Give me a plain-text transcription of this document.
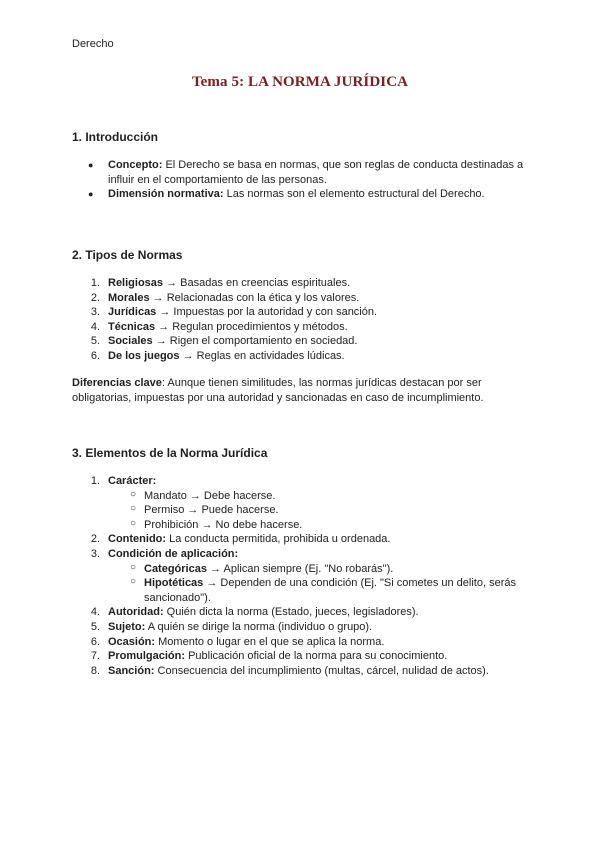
Derecho
Tema 5: LA NORMA JURÍDICA
1. Introducción
●	Concepto: El Derecho se basa en normas, que son reglas de conducta destinadas a influir en el comportamiento de las personas.
●	Dimensión normativa: Las normas son el elemento estructural del Derecho.
2. Tipos de Normas
1. Religiosas → Basadas en creencias espirituales.
2. Morales → Relacionadas con la ética y los valores.
3. Jurídicas → Impuestas por la autoridad y con sanción.
4. Técnicas → Regulan procedimientos y métodos.
5. Sociales → Rigen el comportamiento en sociedad.
6. De los juegos → Reglas en actividades lúdicas.

Diferencias clave: Aunque tienen similitudes, las normas jurídicas destacan por ser obligatorias, impuestas por una autoridad y sancionadas en caso de incumplimiento.

3. Elementos de la Norma Jurídica
1. Carácter:
○ Mandato → Debe hacerse.
○ Permiso → Puede hacerse.
○ Prohibición → No debe hacerse.
2. Contenido: La conducta permitida, prohibida u ordenada.
3. Condición de aplicación:
○ Categóricas → Aplican siempre (Ej. "No robarás").
○ Hipotéticas → Dependen de una condición (Ej. "Si cometes un delito, serás sancionado").
4. Autoridad: Quién dicta la norma (Estado, jueces, legisladores).
5. Sujeto: A quién se dirige la norma (individuo o grupo).
6. Ocasión: Momento o lugar en el que se aplica la norma.
7. Promulgación: Publicación oficial de la norma para su conocimiento.
8. Sanción: Consecuencia del incumplimiento (multas, cárcel, nulidad de actos).
